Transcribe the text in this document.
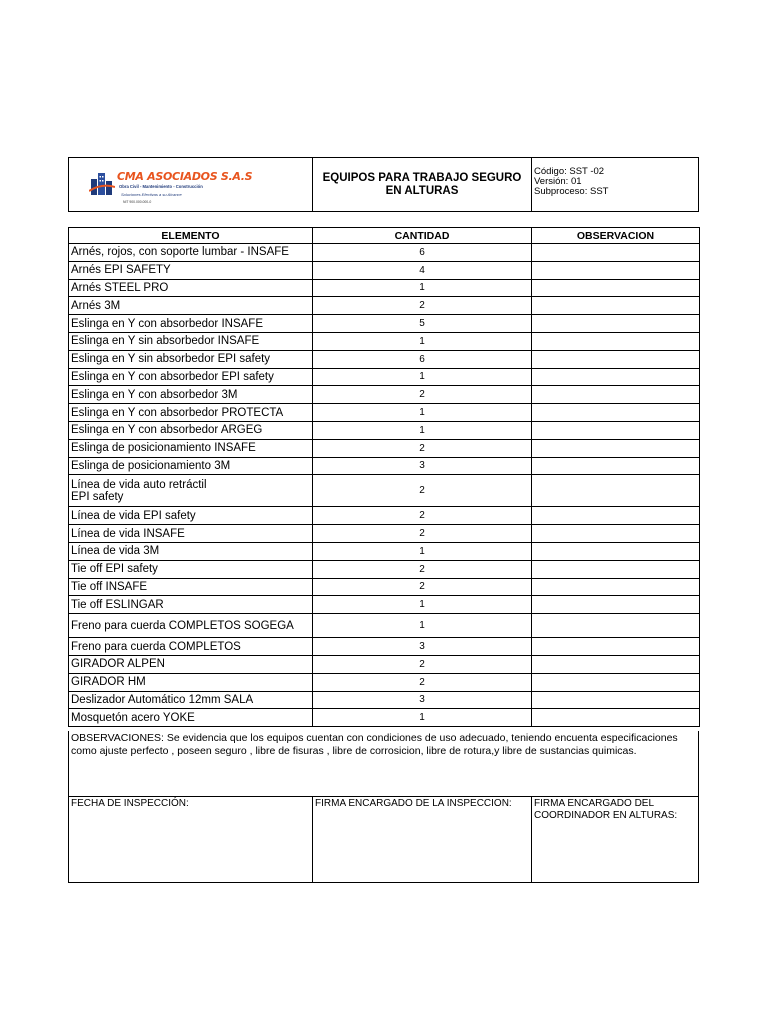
CMA ASOCIADOS S.A.S
Obra Civil - Mantenimiento - Construcción
Soluciones Efectivas a su Alcance
NIT 900.000.000-0
EQUIPOS PARA TRABAJO SEGURO EN ALTURAS
Código: SST -02
Versión: 01
Subproceso: SST
ELEMENTO	CANTIDAD	OBSERVACION
Arnés, rojos, con soporte lumbar - INSAFE	6	
Arnés EPI SAFETY	4	
Arnés STEEL PRO	1	
Arnés 3M	2	
Eslinga en Y con absorbedor INSAFE	5	
Eslinga en Y sin absorbedor INSAFE	1	
Eslinga en Y sin absorbedor EPI safety	6	
Eslinga en Y con absorbedor EPI safety	1	
Eslinga en Y con absorbedor 3M	2	
Eslinga en Y con absorbedor PROTECTA	1	
Eslinga en Y con absorbedor ARGEG	1	
Eslinga de posicionamiento INSAFE	2	
Eslinga de posicionamiento 3M	3	

Línea de vida auto retráctil
EPI safety	2	
Línea de vida EPI safety	2	
Línea de vida INSAFE	2	
Línea de vida 3M	1	
Tie off EPI safety	2	
Tie off INSAFE	2	
Tie off ESLINGAR	1	
Freno para cuerda COMPLETOS SOGEGA	1	
Freno para cuerda COMPLETOS	3	
GIRADOR ALPEN	2	
GIRADOR HM	2	
Deslizador Automático 12mm SALA	3	
Mosquetón acero YOKE	1	
OBSERVACIONES: Se evidencia que los equipos cuentan con condiciones de uso adecuado, teniendo encuenta especificaciones como ajuste perfecto , poseen seguro , libre de fisuras , libre de corrosicion, libre de rotura,y libre de sustancias quimicas.
FECHA DE INSPECCIÓN:	FIRMA ENCARGADO DE LA INSPECCION:	FIRMA ENCARGADO DEL COORDINADOR EN ALTURAS:
